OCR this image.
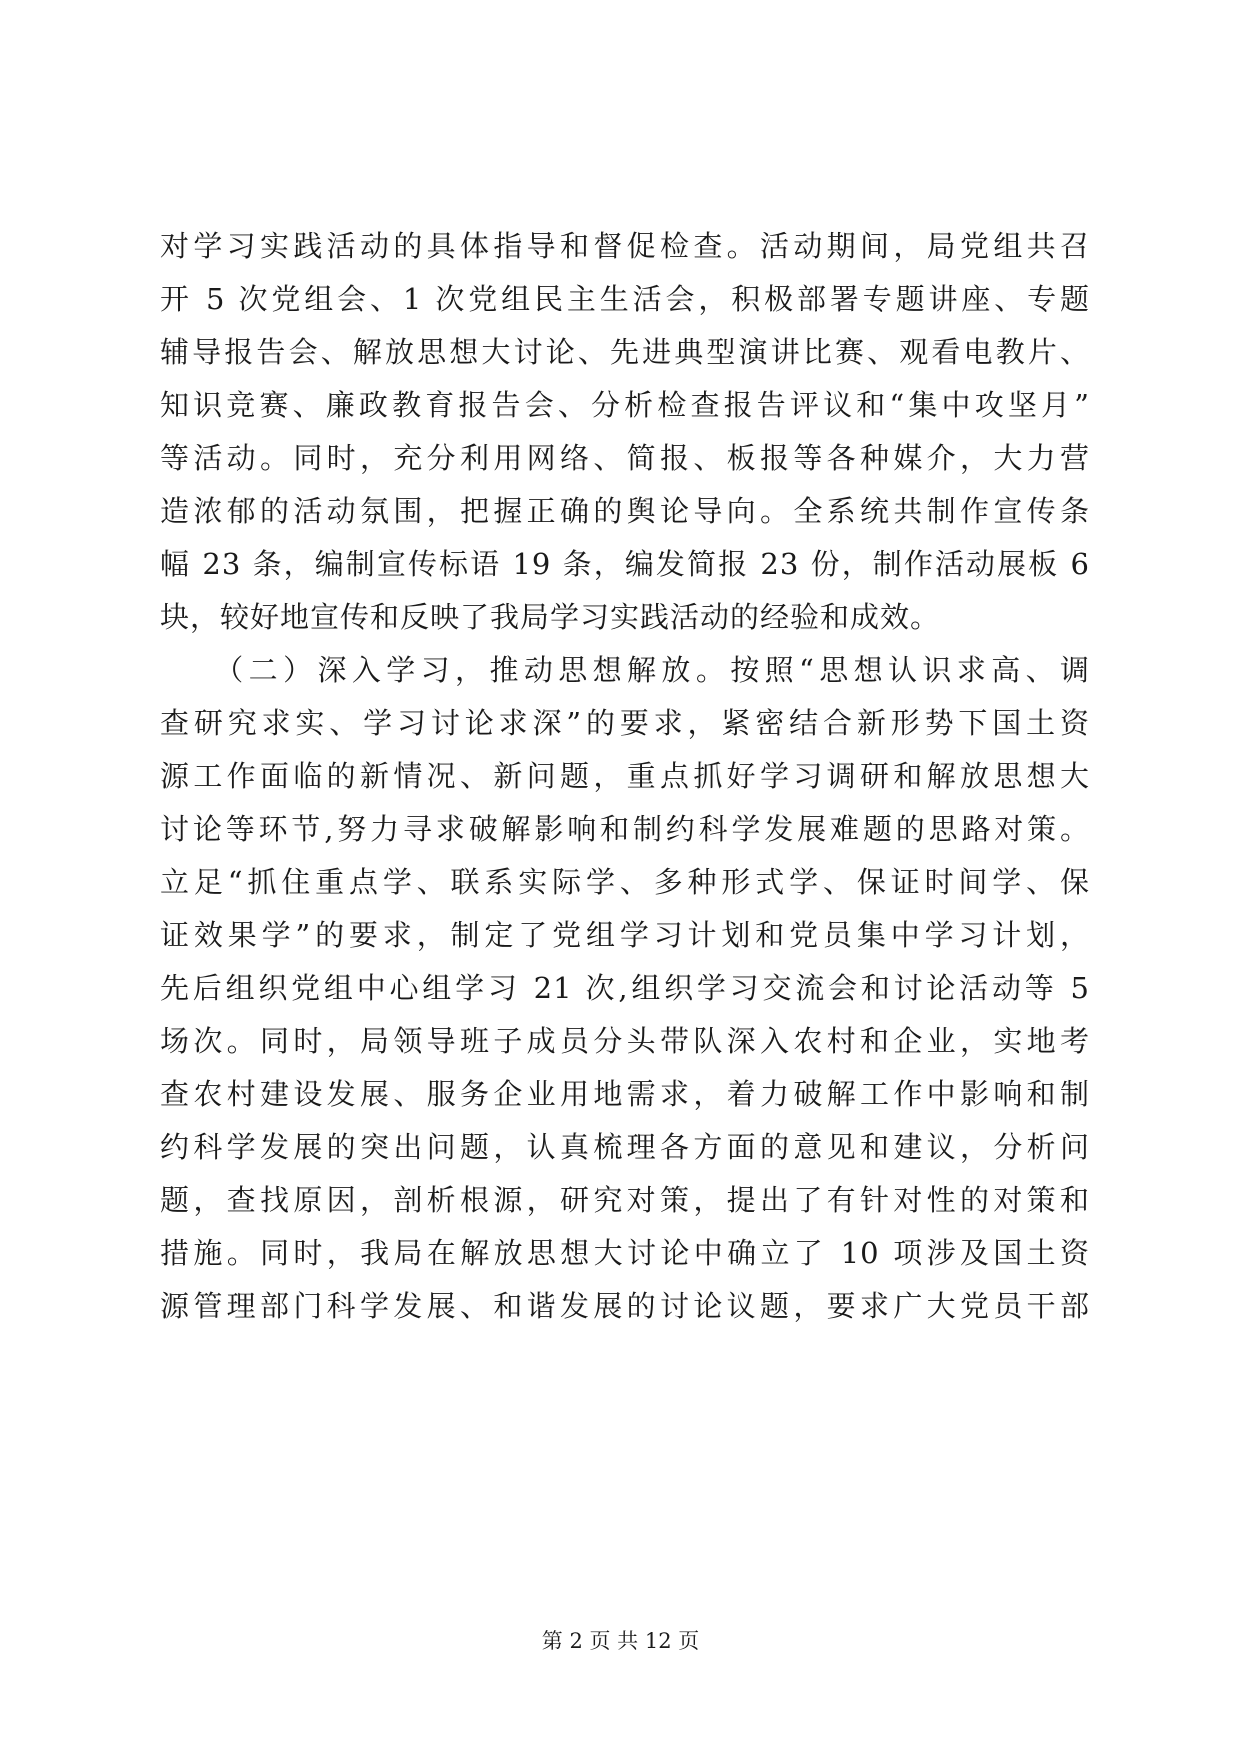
对学习实践活动的具体指导和督促检查。活动期间，局党组共召
开 5 次党组会、1 次党组民主生活会，积极部署专题讲座、专题
辅导报告会、解放思想大讨论、先进典型演讲比赛、观看电教片、
知识竞赛、廉政教育报告会、分析检查报告评议和“集中攻坚月”
等活动。同时，充分利用网络、简报、板报等各种媒介，大力营
造浓郁的活动氛围，把握正确的舆论导向。全系统共制作宣传条
幅 23 条，编制宣传标语 19 条，编发简报 23 份，制作活动展板 6
块，较好地宣传和反映了我局学习实践活动的经验和成效。
　　（二）深入学习，推动思想解放。按照“思想认识求高、调
查研究求实、学习讨论求深”的要求，紧密结合新形势下国土资
源工作面临的新情况、新问题，重点抓好学习调研和解放思想大
讨论等环节,努力寻求破解影响和制约科学发展难题的思路对策。
立足“抓住重点学、联系实际学、多种形式学、保证时间学、保
证效果学”的要求，制定了党组学习计划和党员集中学习计划，
先后组织党组中心组学习 21 次,组织学习交流会和讨论活动等 5
场次。同时，局领导班子成员分头带队深入农村和企业，实地考
查农村建设发展、服务企业用地需求，着力破解工作中影响和制
约科学发展的突出问题，认真梳理各方面的意见和建议，分析问
题，查找原因，剖析根源，研究对策，提出了有针对性的对策和
措施。同时，我局在解放思想大讨论中确立了 10 项涉及国土资
源管理部门科学发展、和谐发展的讨论议题，要求广大党员干部
第 2 页 共 12 页
